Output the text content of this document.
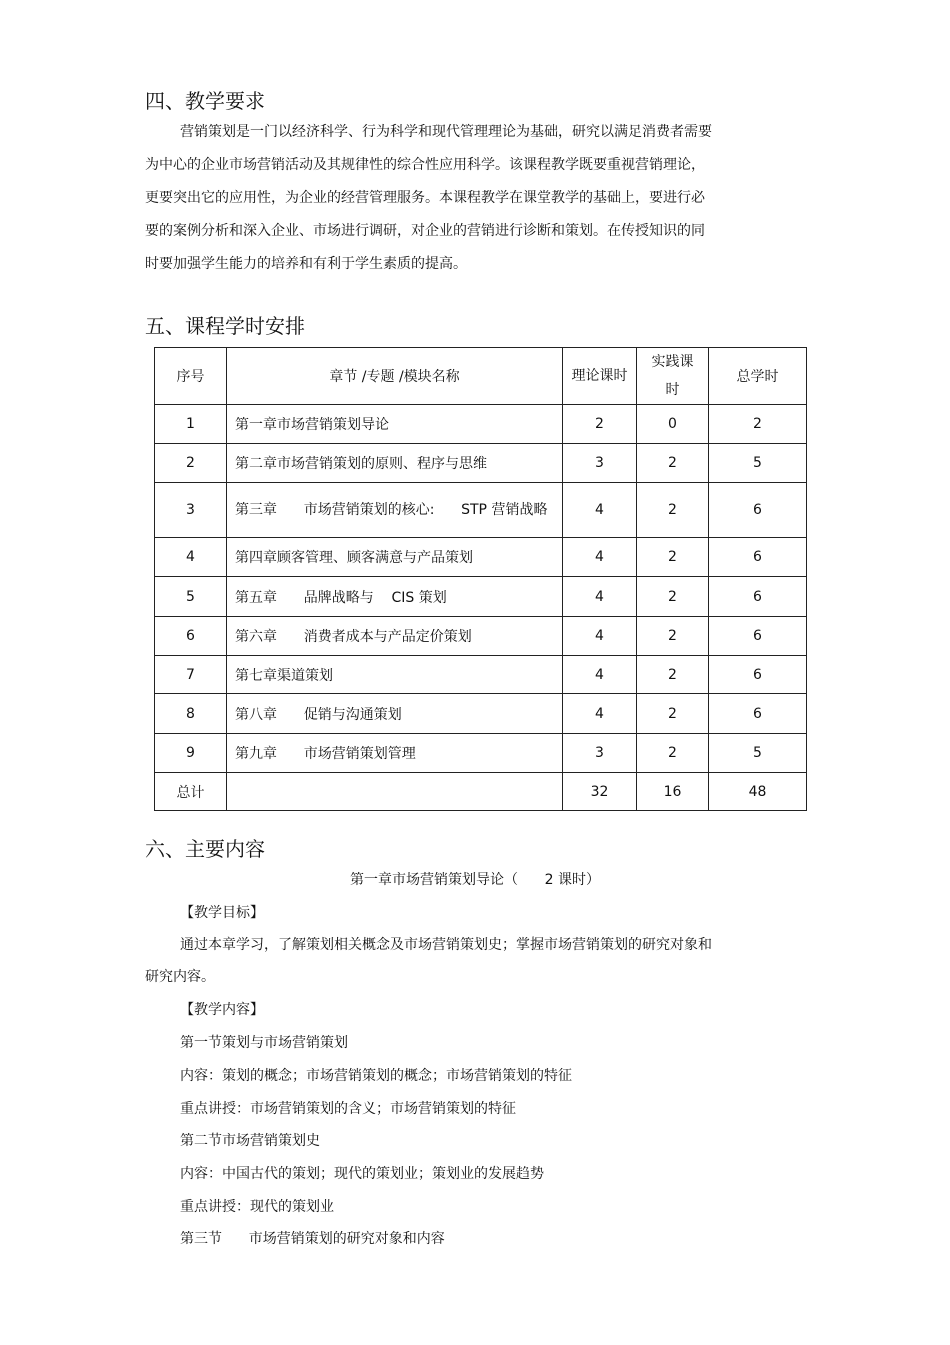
四、教学要求
营销策划是一门以经济科学、行为科学和现代管理理论为基础，研究以满足消费者需要
为中心的企业市场营销活动及其规律性的综合性应用科学。该课程教学既要重视营销理论，
更要突出它的应用性，为企业的经营管理服务。本课程教学在课堂教学的基础上，要进行必
要的案例分析和深入企业、市场进行调研，对企业的营销进行诊断和策划。在传授知识的同
时要加强学生能力的培养和有利于学生素质的提高。
五、课程学时安排
序号	章节 /专题 /模块名称	理论课时	实践课时	总学时
1	第一章市场营销策划导论	2	0	2
2	第二章市场营销策划的原则、程序与思维	3	2	5
3	第三章      市场营销策划的核心:      STP 营销战略	4	2	6
4	第四章顾客管理、顾客满意与产品策划	4	2	6
5	第五章      品牌战略与    CIS 策划	4	2	6
6	第六章      消费者成本与产品定价策划	4	2	6
7	第七章渠道策划	4	2	6
8	第八章      促销与沟通策划	4	2	6
9	第九章      市场营销策划管理	3	2	5
总计		32	16	48
六、主要内容
第一章市场营销策划导论（      2 课时）
【教学目标】
通过本章学习，了解策划相关概念及市场营销策划史；掌握市场营销策划的研究对象和
研究内容。
【教学内容】
第一节策划与市场营销策划
内容：策划的概念；市场营销策划的概念；市场营销策划的特征
重点讲授：市场营销策划的含义；市场营销策划的特征
第二节市场营销策划史
内容：中国古代的策划；现代的策划业；策划业的发展趋势
重点讲授：现代的策划业
第三节      市场营销策划的研究对象和内容
